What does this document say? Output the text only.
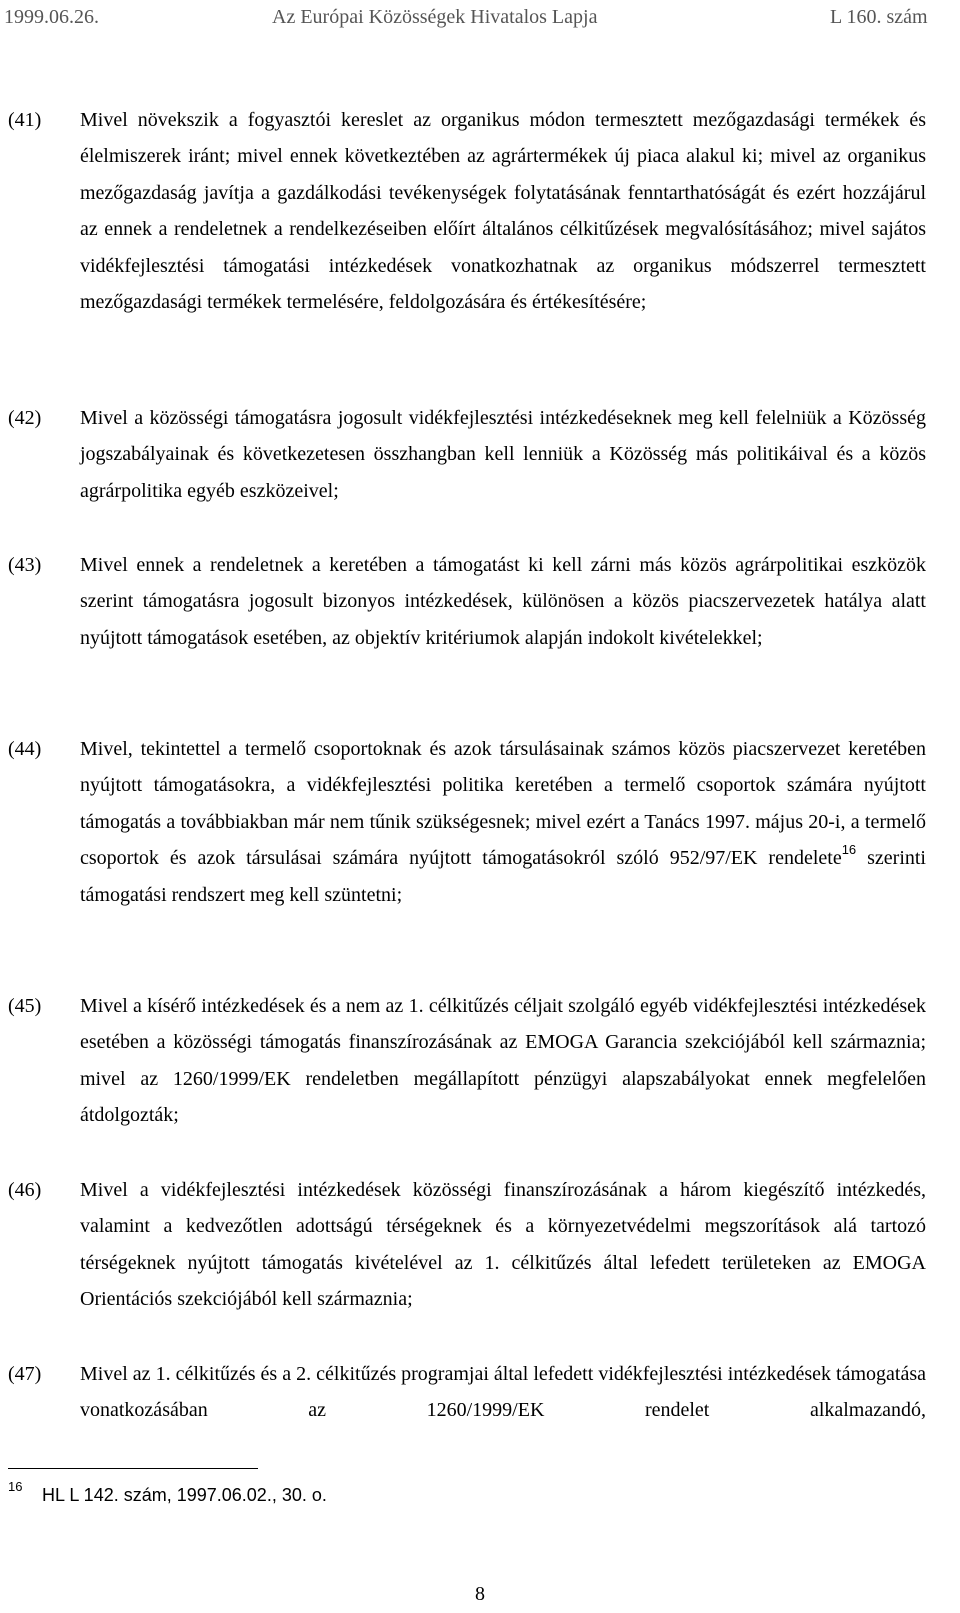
1999.06.26.	Az Európai Közösségek Hivatalos Lapja	L 160. szám
(41) Mivel növekszik a fogyasztói kereslet az organikus módon termesztett mezőgazdasági termékek és élelmiszerek iránt; mivel ennek következtében az agrártermékek új piaca alakul ki; mivel az organikus mezőgazdaság javítja a gazdálkodási tevékenységek folytatásának fenntarthatóságát és ezért hozzájárul az ennek a rendeletnek a rendelkezéseiben előírt általános célkitűzések megvalósításához; mivel sajátos vidékfejlesztési támogatási intézkedések vonatkozhatnak az organikus módszerrel termesztett mezőgazdasági termékek termelésére, feldolgozására és értékesítésére;
(42) Mivel a közösségi támogatásra jogosult vidékfejlesztési intézkedéseknek meg kell felelniük a Közösség jogszabályainak és következetesen összhangban kell lenniük a Közösség más politikáival és a közös agrárpolitika egyéb eszközeivel;
(43) Mivel ennek a rendeletnek a keretében a támogatást ki kell zárni más közös agrárpolitikai eszközök szerint támogatásra jogosult bizonyos intézkedések, különösen a közös piacszervezetek hatálya alatt nyújtott támogatások esetében, az objektív kritériumok alapján indokolt kivételekkel;
(44) Mivel, tekintettel a termelő csoportoknak és azok társulásainak számos közös piacszervezet keretében nyújtott támogatásokra, a vidékfejlesztési politika keretében a termelő csoportok számára nyújtott támogatás a továbbiakban már nem tűnik szükségesnek; mivel ezért a Tanács 1997. május 20-i, a termelő csoportok és azok társulásai számára nyújtott támogatásokról szóló 952/97/EK rendelete$^{16}$ szerinti támogatási rendszert meg kell szüntetni;
(45) Mivel a kísérő intézkedések és a nem az 1. célkitűzés céljait szolgáló egyéb vidékfejlesztési intézkedések esetében a közösségi támogatás finanszírozásának az EMOGA Garancia szekciójából kell származnia; mivel az 1260/1999/EK rendeletben megállapított pénzügyi alapszabályokat ennek megfelelően átdolgozták;
(46) Mivel a vidékfejlesztési intézkedések közösségi finanszírozásának a három kiegészítő intézkedés, valamint a kedvezőtlen adottságú térségeknek és a környezetvédelmi megszorítások alá tartozó térségeknek nyújtott támogatás kivételével az 1. célkitűzés által lefedett területeken az EMOGA Orientációs szekciójából kell származnia;
(47) Mivel az 1. célkitűzés és a 2. célkitűzés programjai által lefedett vidékfejlesztési intézkedések támogatása vonatkozásában az 1260/1999/EK rendelet alkalmazandó,
16 HL L 142. szám, 1997.06.02., 30. o.
8
